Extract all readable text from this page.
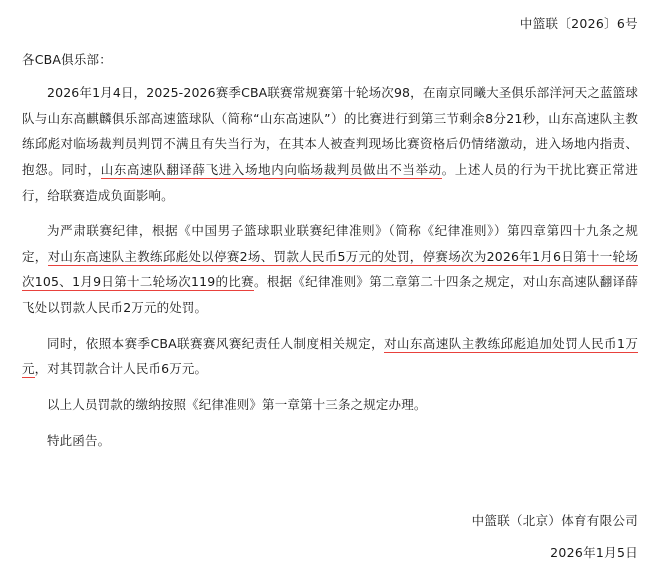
中篮联〔2026〕6号
各CBA俱乐部：

2026年1月4日，2025-2026赛季CBA联赛常规赛第十轮场次98，在南京同曦大圣俱乐部洋河天之蓝篮球队与山东高麒麟俱乐部高速篮球队（简称“山东高速队”）的比赛进行到第三节剩余8分21秒，山东高速队主教练邱彪对临场裁判员判罚不满且有失当行为，在其本人被查判现场比赛资格后仍情绪激动，进入场地内指责、抱怨。同时，山东高速队翻译薛飞进入场地内向临场裁判员做出不当举动。上述人员的行为干扰比赛正常进行，给联赛造成负面影响。

为严肃联赛纪律，根据《中国男子篮球职业联赛纪律准则》（简称《纪律准则》）第四章第四十九条之规定，对山东高速队主教练邱彪处以停赛2场、罚款人民币5万元的处罚，停赛场次为2026年1月6日第十一轮场次105、1月9日第十二轮场次119的比赛。根据《纪律准则》第二章第二十四条之规定，对山东高速队翻译薛飞处以罚款人民币2万元的处罚。

同时，依照本赛季CBA联赛赛风赛纪责任人制度相关规定，对山东高速队主教练邱彪追加处罚人民币1万元，对其罚款合计人民币6万元。

以上人员罚款的缴纳按照《纪律准则》第一章第十三条之规定办理。

特此函告。

中篮联（北京）体育有限公司
2026年1月5日
